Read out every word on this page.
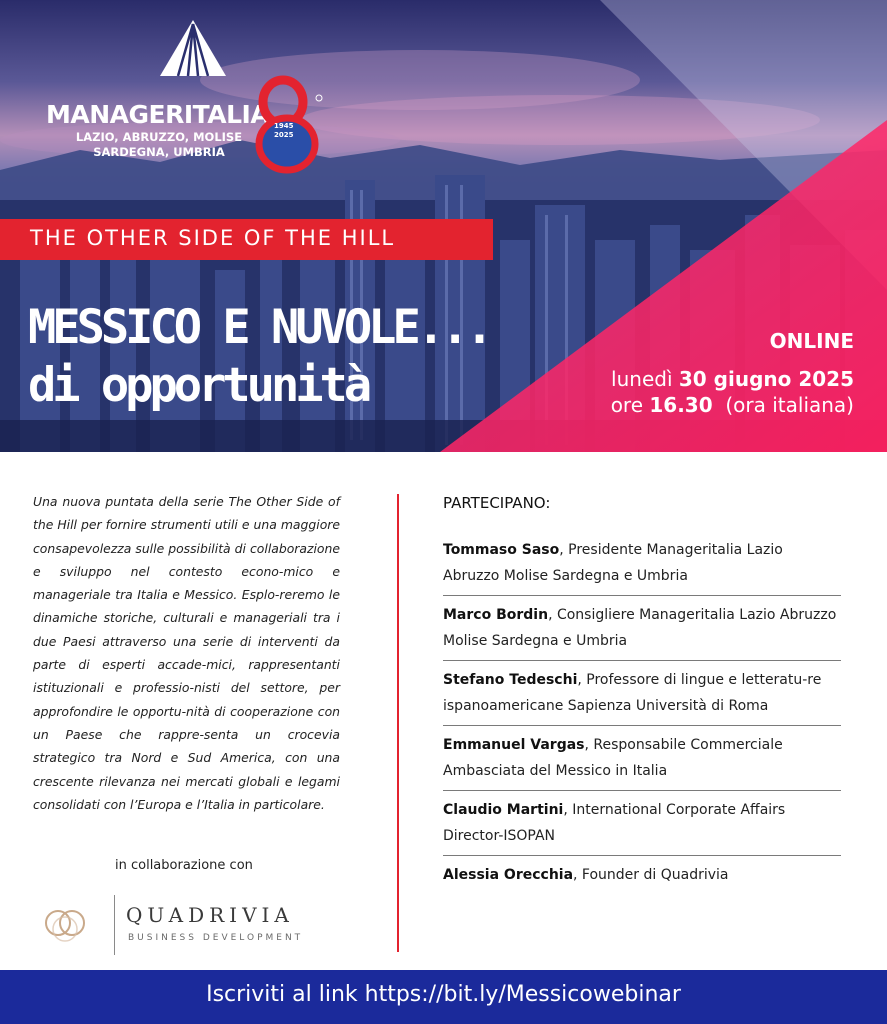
MANAGERITALIA
LAZIO, ABRUZZO, MOLISE
SARDEGNA, UMBRIA
1945
2025
THE OTHER SIDE OF THE HILL
MESSICO E NUVOLE...
di opportunità
ONLINE
lunedì 30 giugno 2025
ore 16.30  (ora italiana)
Una nuova puntata della serie The Other Side of the Hill per fornire strumenti utili e una maggiore consapevolezza sulle possibilità di collaborazione e sviluppo nel contesto econo-mico e manageriale tra Italia e Messico. Esplo-reremo le dinamiche storiche, culturali e manageriali tra i due Paesi attraverso una serie di interventi da parte di esperti accade-mici, rappresentanti istituzionali e professio-nisti del settore, per approfondire le opportu-nità di cooperazione con un Paese che rappre-senta un crocevia strategico tra Nord e Sud America, con una crescente rilevanza nei mercati globali e legami consolidati con l’Europa e l’Italia in particolare.
in collaborazione con
QUADRIVIA
BUSINESS DEVELOPMENT
PARTECIPANO:
Tommaso Saso, Presidente Manageritalia Lazio Abruzzo Molise Sardegna e Umbria
Marco Bordin, Consigliere Manageritalia Lazio Abruzzo Molise Sardegna e Umbria
Stefano Tedeschi, Professore di lingue e letteratu-re ispanoamericane Sapienza Università di Roma
Emmanuel Vargas, Responsabile Commerciale Ambasciata del Messico in Italia
Claudio Martini, International Corporate Affairs Director-ISOPAN
Alessia Orecchia, Founder di Quadrivia
Iscriviti al link https://bit.ly/Messicowebinar
